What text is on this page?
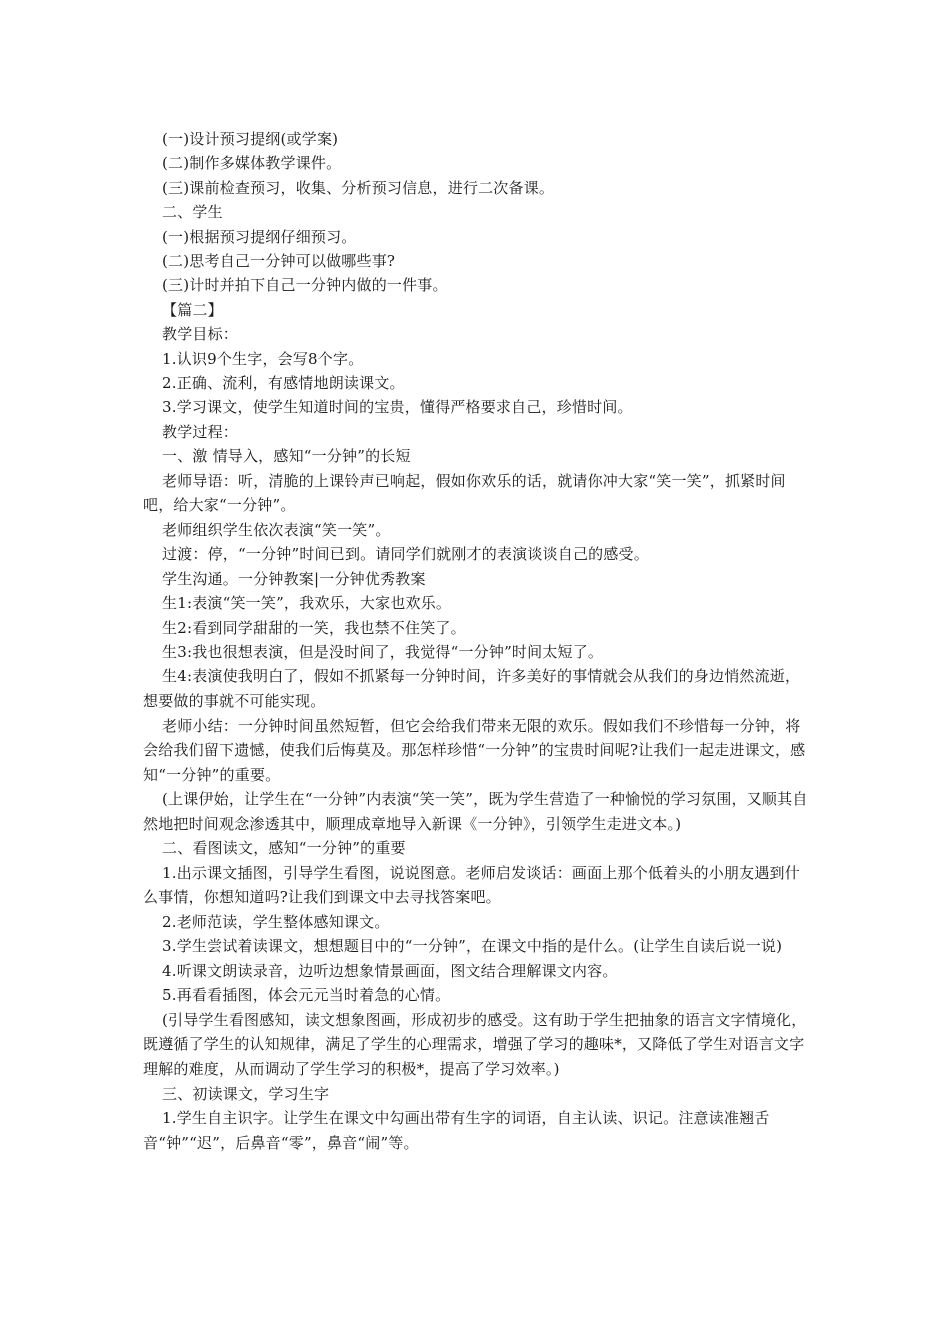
(一)设计预习提纲(或学案)
(二)制作多媒体教学课件。
(三)课前检查预习，收集、分析预习信息，进行二次备课。
二、学生
(一)根据预习提纲仔细预习。
(二)思考自己一分钟可以做哪些事?
(三)计时并拍下自己一分钟内做的一件事。
【篇二】
教学目标：
1.认识9个生字，会写8个字。
2.正确、流利，有感情地朗读课文。
3.学习课文，使学生知道时间的宝贵，懂得严格要求自己，珍惜时间。
教学过程：
一、激 情导入，感知“一分钟”的长短
老师导语：听，清脆的上课铃声已响起，假如你欢乐的话，就请你冲大家“笑一笑”，抓紧时间吧，给大家“一分钟”。
老师组织学生依次表演“笑一笑”。
过渡：停，“一分钟”时间已到。请同学们就刚才的表演谈谈自己的感受。
学生沟通。一分钟教案|一分钟优秀教案
生1:表演“笑一笑”，我欢乐，大家也欢乐。
生2:看到同学甜甜的一笑，我也禁不住笑了。
生3:我也很想表演，但是没时间了，我觉得“一分钟”时间太短了。
生4:表演使我明白了，假如不抓紧每一分钟时间，许多美好的事情就会从我们的身边悄然流逝，想要做的事就不可能实现。
老师小结：一分钟时间虽然短暂，但它会给我们带来无限的欢乐。假如我们不珍惜每一分钟，将会给我们留下遗憾，使我们后悔莫及。那怎样珍惜“一分钟”的宝贵时间呢?让我们一起走进课文，感知“一分钟”的重要。
(上课伊始，让学生在“一分钟”内表演“笑一笑”，既为学生营造了一种愉悦的学习氛围，又顺其自然地把时间观念渗透其中，顺理成章地导入新课《一分钟》，引领学生走进文本。)
二、看图读文，感知“一分钟”的重要
1.出示课文插图，引导学生看图，说说图意。老师启发谈话：画面上那个低着头的小朋友遇到什么事情，你想知道吗?让我们到课文中去寻找答案吧。
2.老师范读，学生整体感知课文。
3.学生尝试着读课文，想想题目中的“一分钟”，在课文中指的是什么。(让学生自读后说一说)
4.听课文朗读录音，边听边想象情景画面，图文结合理解课文内容。
5.再看看插图，体会元元当时着急的心情。
(引导学生看图感知，读文想象图画，形成初步的感受。这有助于学生把抽象的语言文字情境化，既遵循了学生的认知规律，满足了学生的心理需求，增强了学习的趣味*，又降低了学生对语言文字理解的难度，从而调动了学生学习的积极*，提高了学习效率。)
三、初读课文，学习生字
1.学生自主识字。让学生在课文中勾画出带有生字的词语，自主认读、识记。注意读准翘舌音“钟”“迟”，后鼻音“零”，鼻音“闹”等。
